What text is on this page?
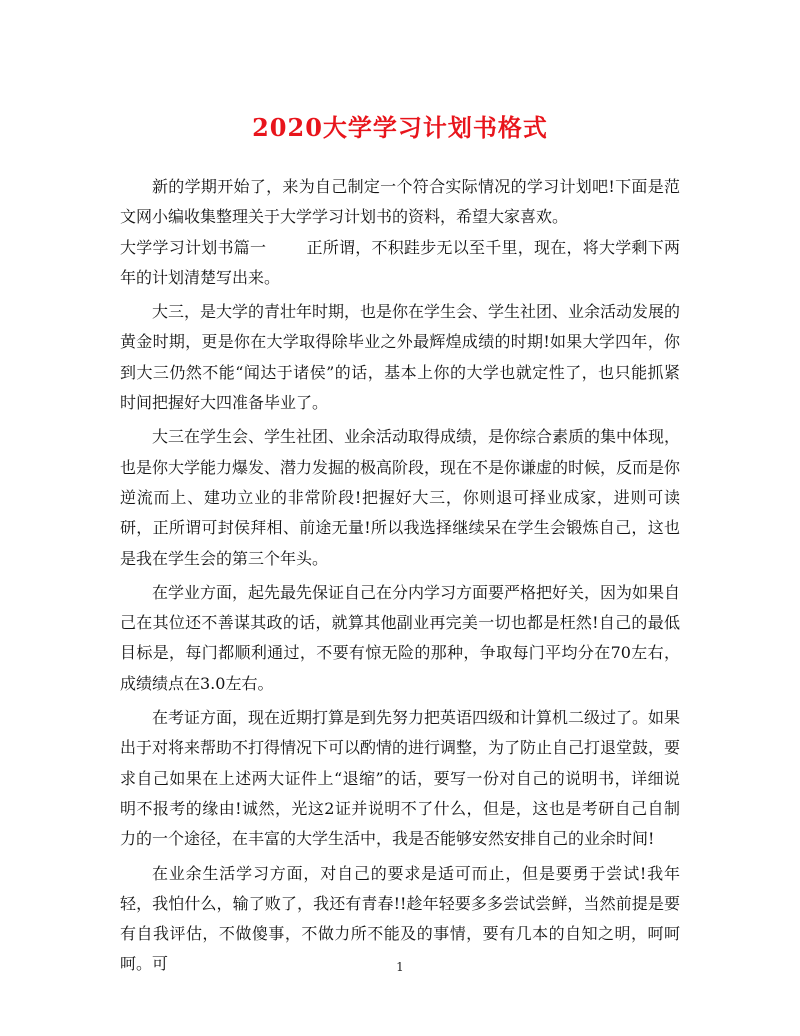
2020大学学习计划书格式

新的学期开始了，来为自己制定一个符合实际情况的学习计划吧!下面是范文网小编收集整理关于大学学习计划书的资料，希望大家喜欢。

大学学习计划书篇一	正所谓，不积跬步无以至千里，现在，将大学剩下两年的计划清楚写出来。

大三，是大学的青壮年时期，也是你在学生会、学生社团、业余活动发展的黄金时期，更是你在大学取得除毕业之外最辉煌成绩的时期!如果大学四年，你到大三仍然不能“闻达于诸侯”的话，基本上你的大学也就定性了，也只能抓紧时间把握好大四准备毕业了。

大三在学生会、学生社团、业余活动取得成绩，是你综合素质的集中体现，也是你大学能力爆发、潜力发掘的极高阶段，现在不是你谦虚的时候，反而是你逆流而上、建功立业的非常阶段!把握好大三，你则退可择业成家，进则可读研，正所谓可封侯拜相、前途无量!所以我选择继续呆在学生会锻炼自己，这也是我在学生会的第三个年头。

在学业方面，起先最先保证自己在分内学习方面要严格把好关，因为如果自己在其位还不善谋其政的话，就算其他副业再完美一切也都是枉然!自己的最低目标是，每门都顺利通过，不要有惊无险的那种，争取每门平均分在70左右，成绩绩点在3.0左右。

在考证方面，现在近期打算是到先努力把英语四级和计算机二级过了。如果出于对将来帮助不打得情况下可以酌情的进行调整，为了防止自己打退堂鼓，要求自己如果在上述两大证件上“退缩”的话，要写一份对自己的说明书，详细说明不报考的缘由!诚然，光这2证并说明不了什么，但是，这也是考研自己自制力的一个途径，在丰富的大学生活中，我是否能够安然安排自己的业余时间!

在业余生活学习方面，对自己的要求是适可而止，但是要勇于尝试!我年轻，我怕什么，输了败了，我还有青春!!趁年轻要多多尝试尝鲜，当然前提是要有自我评估，不做傻事，不做力所不能及的事情，要有几本的自知之明，呵呵呵。可	1
